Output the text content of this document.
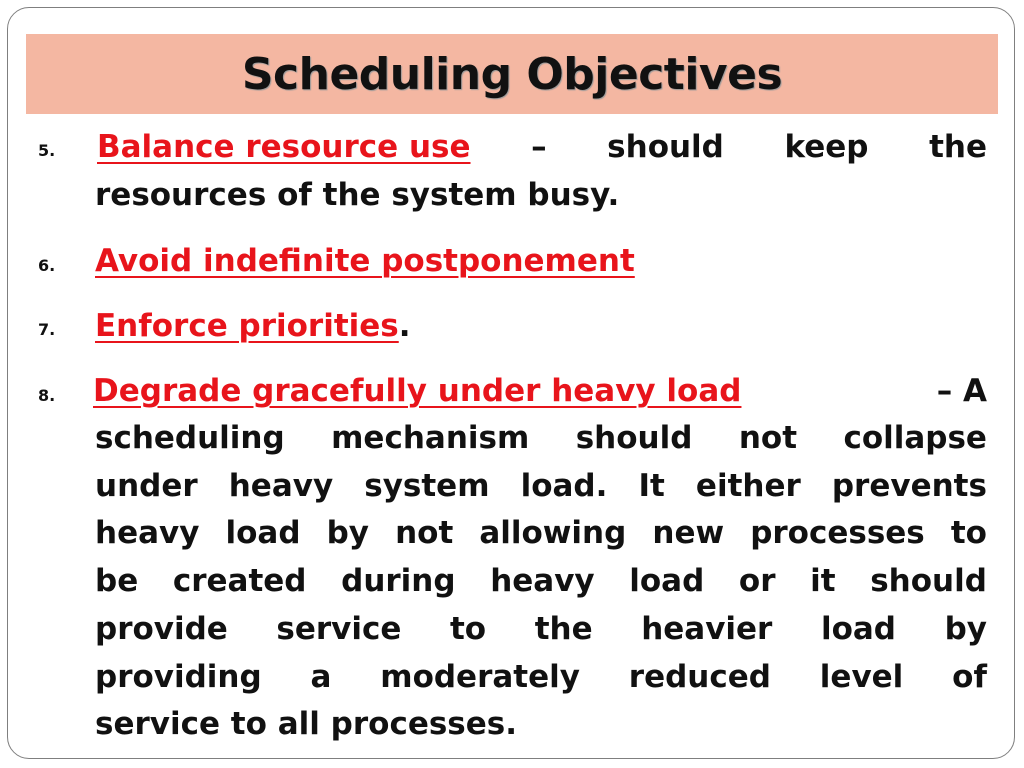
Scheduling Objectives
5. Balance resource use – should keep the
resources of the system busy.
6. Avoid indefinite postponement
7. Enforce priorities.
8. Degrade gracefully under heavy load	– A
scheduling mechanism should not collapse
under heavy system load. It either prevents
heavy load by not allowing new processes to
be created during heavy load or it should
provide service to the heavier load by
providing a moderately reduced level of
service to all processes.
